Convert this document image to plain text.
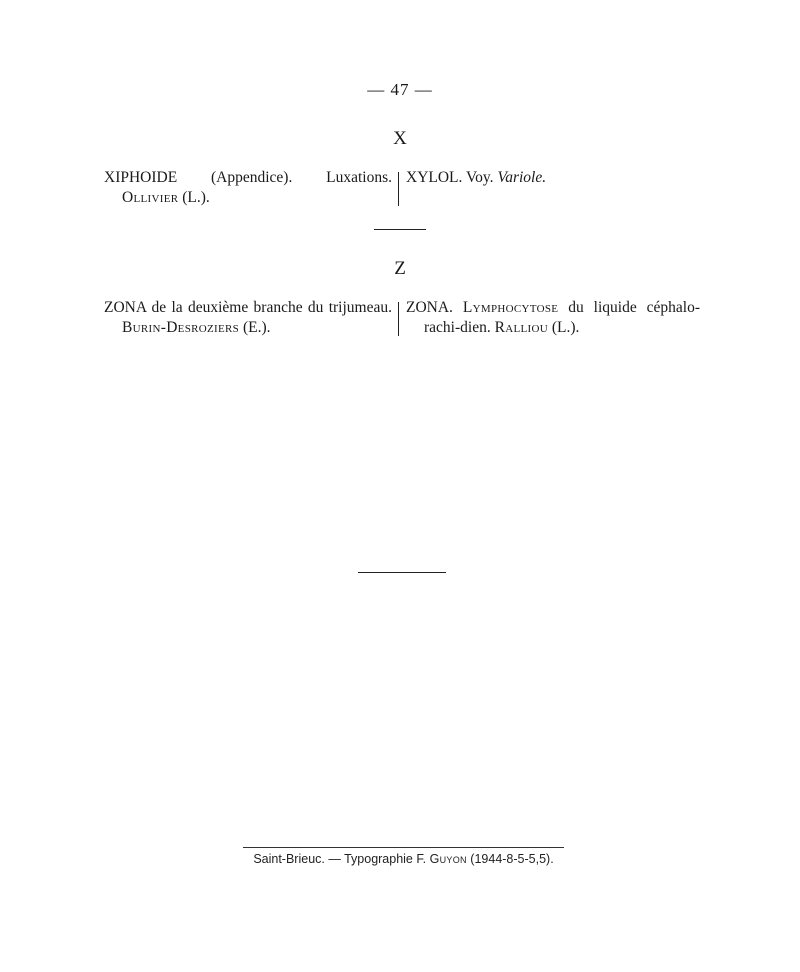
— 47 —
X

XIPHOIDE (Appendice). Luxations. Ollivier (L.).

XYLOL. Voy. Variole.

Z

ZONA de la deuxième branche du trijumeau. Burin-Desroziers (E.).

ZONA. Lymphocytose du liquide céphalo-rachi-dien. Ralliou (L.).

Saint-Brieuc. — Typographie F. Guyon (1944-8-5-5,5).
